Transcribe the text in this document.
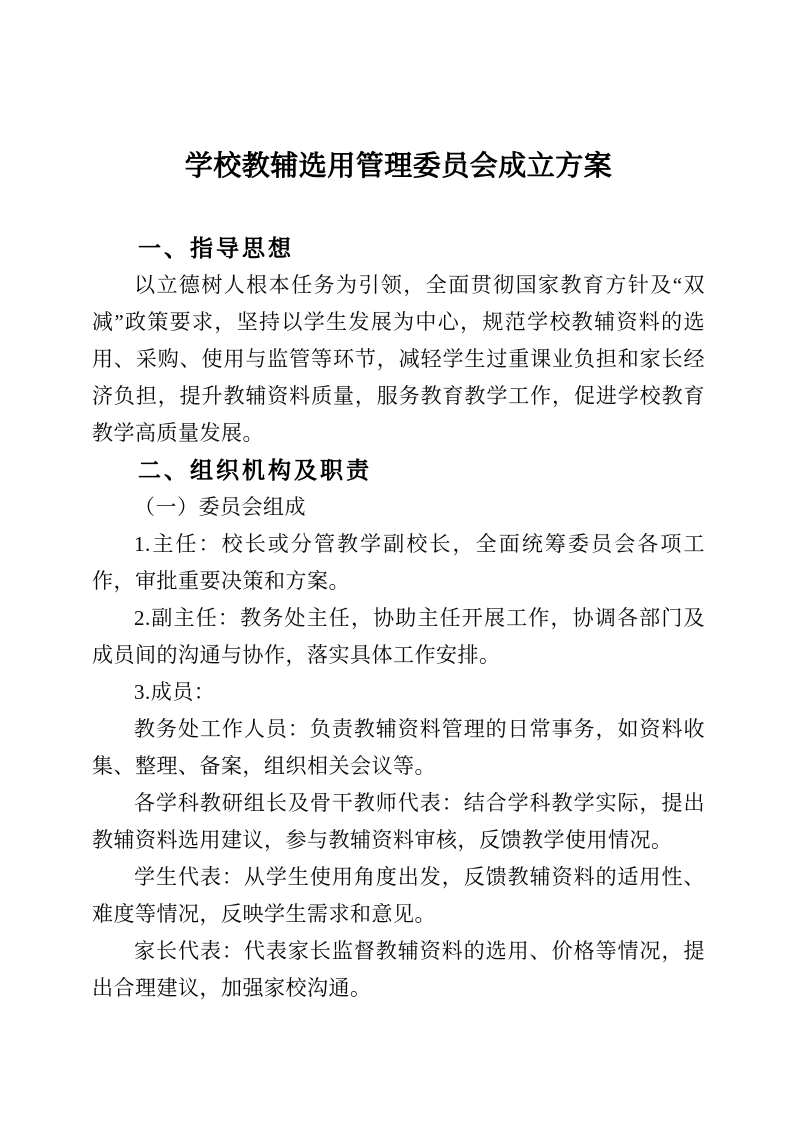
学校教辅选用管理委员会成立方案
一、指导思想

以立德树人根本任务为引领，全面贯彻国家教育方针及“双减”政策要求，坚持以学生发展为中心，规范学校教辅资料的选用、采购、使用与监管等环节，减轻学生过重课业负担和家长经济负担，提升教辅资料质量，服务教育教学工作，促进学校教育教学高质量发展。

二、组织机构及职责

（一）委员会组成

1.主任：校长或分管教学副校长，全面统筹委员会各项工作，审批重要决策和方案。

2.副主任：教务处主任，协助主任开展工作，协调各部门及成员间的沟通与协作，落实具体工作安排。

3.成员：

教务处工作人员：负责教辅资料管理的日常事务，如资料收集、整理、备案，组织相关会议等。

各学科教研组长及骨干教师代表：结合学科教学实际，提出教辅资料选用建议，参与教辅资料审核，反馈教学使用情况。

学生代表：从学生使用角度出发，反馈教辅资料的适用性、难度等情况，反映学生需求和意见。

家长代表：代表家长监督教辅资料的选用、价格等情况，提出合理建议，加强家校沟通。
